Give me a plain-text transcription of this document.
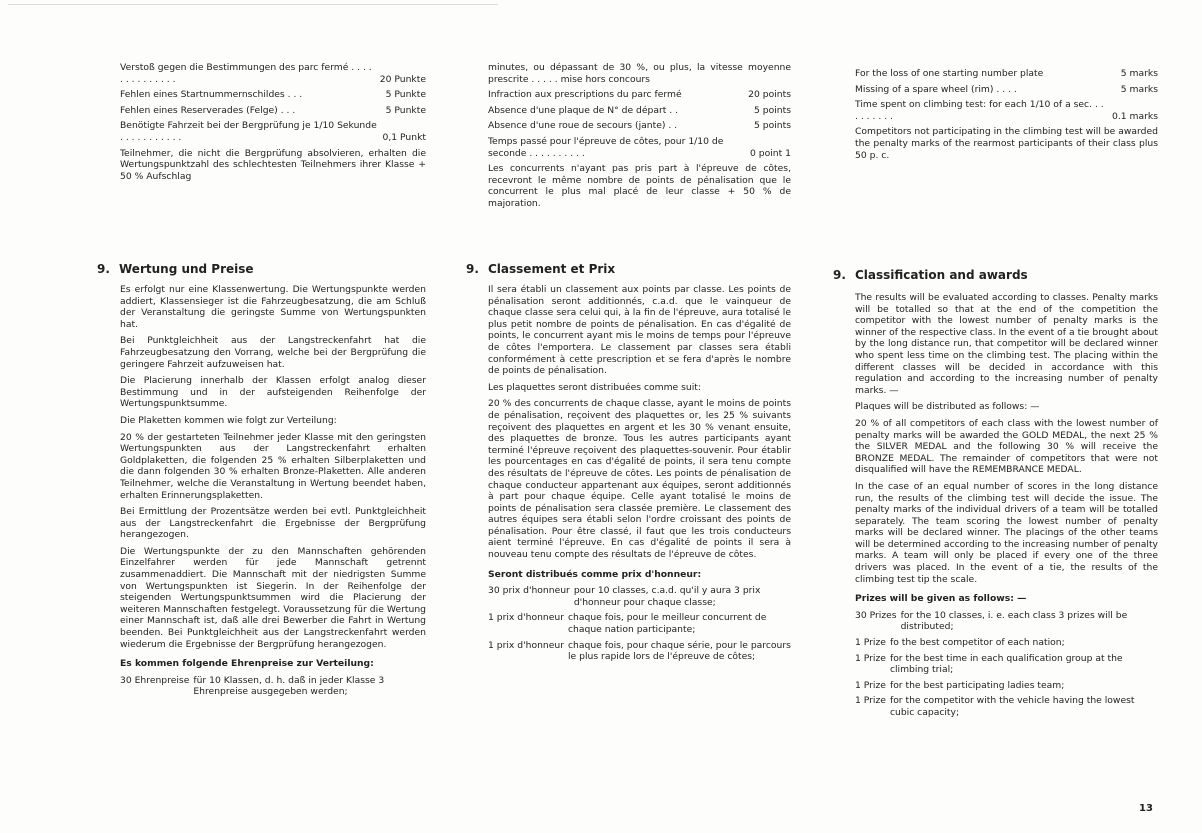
Verstoß gegen die Bestimmungen des parc fermé . . . . . . . . . . . . . .	20 Punkte
Fehlen eines Startnummernschildes . . .	5 Punkte
Fehlen eines Reserverades (Felge) . . .	5 Punkte
Benötigte Fahrzeit bei der Bergprüfung je 1/10 Sekunde . . . . . . . . . . .	0,1 Punkt
Teilnehmer, die nicht die Bergprüfung absolvieren, erhalten die Wertungspunktzahl des schlechtesten Teilnehmers ihrer Klasse + 50 % Aufschlag
9. Wertung und Preise
Es erfolgt nur eine Klassenwertung. Die Wertungspunkte werden addiert, Klassensieger ist die Fahrzeugbesatzung, die am Schluß der Veranstaltung die geringste Summe von Wertungspunkten hat.
Bei Punktgleichheit aus der Langstreckenfahrt hat die Fahrzeugbesatzung den Vorrang, welche bei der Bergprüfung die geringere Fahrzeit aufzuweisen hat.
Die Placierung innerhalb der Klassen erfolgt analog dieser Bestimmung und in der aufsteigenden Reihenfolge der Wertungspunktsumme.
Die Plaketten kommen wie folgt zur Verteilung:
20 % der gestarteten Teilnehmer jeder Klasse mit den geringsten Wertungspunkten aus der Langstreckenfahrt erhalten Goldplaketten, die folgenden 25 % erhalten Silberplaketten und die dann folgenden 30 % erhalten Bronze-Plaketten. Alle anderen Teilnehmer, welche die Veranstaltung in Wertung beendet haben, erhalten Erinnerungsplaketten.
Bei Ermittlung der Prozentsätze werden bei evtl. Punktgleichheit aus der Langstreckenfahrt die Ergebnisse der Bergprüfung herangezogen.
Die Wertungspunkte der zu den Mannschaften gehörenden Einzelfahrer werden für jede Mannschaft getrennt zusammenaddiert. Die Mannschaft mit der niedrigsten Summe von Wertungspunkten ist Siegerin. In der Reihenfolge der steigenden Wertungspunktsummen wird die Placierung der weiteren Mannschaften festgelegt. Voraussetzung für die Wertung einer Mannschaft ist, daß alle drei Bewerber die Fahrt in Wertung beenden. Bei Punktgleichheit aus der Langstreckenfahrt werden wiederum die Ergebnisse der Bergprüfung herangezogen.
Es kommen folgende Ehrenpreise zur Verteilung:
30 Ehrenpreise für 10 Klassen, d. h. daß in jeder Klasse 3 Ehrenpreise ausgegeben werden;
minutes, ou dépassant de 30 %, ou plus, la vitesse moyenne prescrite . . . . . mise hors concours
Infraction aux prescriptions du parc fermé	20 points
Absence d'une plaque de N° de départ . .	5 points
Absence d'une roue de secours (jante) . .	5 points
Temps passé pour l'épreuve de côtes, pour 1/10 de seconde . . . . . . . . . .	0 point 1
Les concurrents n'ayant pas pris part à l'épreuve de côtes, recevront le même nombre de points de pénalisation que le concurrent le plus mal placé de leur classe + 50 % de majoration.
9. Classement et Prix
Il sera établi un classement aux points par classe. Les points de pénalisation seront additionnés, c.a.d. que le vainqueur de chaque classe sera celui qui, à la fin de l'épreuve, aura totalisé le plus petit nombre de points de pénalisation. En cas d'égalité de points, le concurrent ayant mis le moins de temps pour l'épreuve de côtes l'emportera. Le classement par classes sera établi conformément à cette prescription et se fera d'après le nombre de points de pénalisation.
Les plaquettes seront distribuées comme suit:
20 % des concurrents de chaque classe, ayant le moins de points de pénalisation, reçoivent des plaquettes or, les 25 % suivants reçoivent des plaquettes en argent et les 30 % venant ensuite, des plaquettes de bronze. Tous les autres participants ayant terminé l'épreuve reçoivent des plaquettes-souvenir. Pour établir les pourcentages en cas d'égalité de points, il sera tenu compte des résultats de l'épreuve de côtes. Les points de pénalisation de chaque conducteur appartenant aux équipes, seront additionnés à part pour chaque équipe. Celle ayant totalisé le moins de points de pénalisation sera classée première. Le classement des autres équipes sera établi selon l'ordre croissant des points de pénalisation. Pour être classé, il faut que les trois conducteurs aient terminé l'épreuve. En cas d'égalité de points il sera à nouveau tenu compte des résultats de l'épreuve de côtes.
Seront distribués comme prix d'honneur:
30 prix d'honneur pour 10 classes, c.a.d. qu'il y aura 3 prix d'honneur pour chaque classe;
1 prix d'honneur chaque fois, pour le meilleur concurrent de chaque nation participante;
1 prix d'honneur chaque fois, pour chaque série, pour le parcours le plus rapide lors de l'épreuve de côtes;
For the loss of one starting number plate	5 marks
Missing of a spare wheel (rim) . . . .	5 marks
Time spent on climbing test: for each 1/10 of a sec. . . . . . . . . .	0.1 marks
Competitors not participating in the climbing test will be awarded the penalty marks of the rearmost participants of their class plus 50 p. c.
9. Classification and awards
The results will be evaluated according to classes. Penalty marks will be totalled so that at the end of the competition the competitor with the lowest number of penalty marks is the winner of the respective class. In the event of a tie brought about by the long distance run, that competitor will be declared winner who spent less time on the climbing test. The placing within the different classes will be decided in accordance with this regulation and according to the increasing number of penalty marks. —
Plaques will be distributed as follows: —
20 % of all competitors of each class with the lowest number of penalty marks will be awarded the GOLD MEDAL, the next 25 % the SILVER MEDAL and the following 30 % will receive the BRONZE MEDAL. The remainder of competitors that were not disqualified will have the REMEMBRANCE MEDAL.
In the case of an equal number of scores in the long distance run, the results of the climbing test will decide the issue. The penalty marks of the individual drivers of a team will be totalled separately. The team scoring the lowest number of penalty marks will be declared winner. The placings of the other teams will be determined according to the increasing number of penalty marks. A team will only be placed if every one of the three drivers was placed. In the event of a tie, the results of the climbing test tip the scale.
Prizes will be given as follows: —
30 Prizes for the 10 classes, i. e. each class 3 prizes will be distributed;
1 Prize fo the best competitor of each nation;
1 Prize for the best time in each qualification group at the climbing trial;
1 Prize for the best participating ladies team;
1 Prize for the competitor with the vehicle having the lowest cubic capacity;
13
